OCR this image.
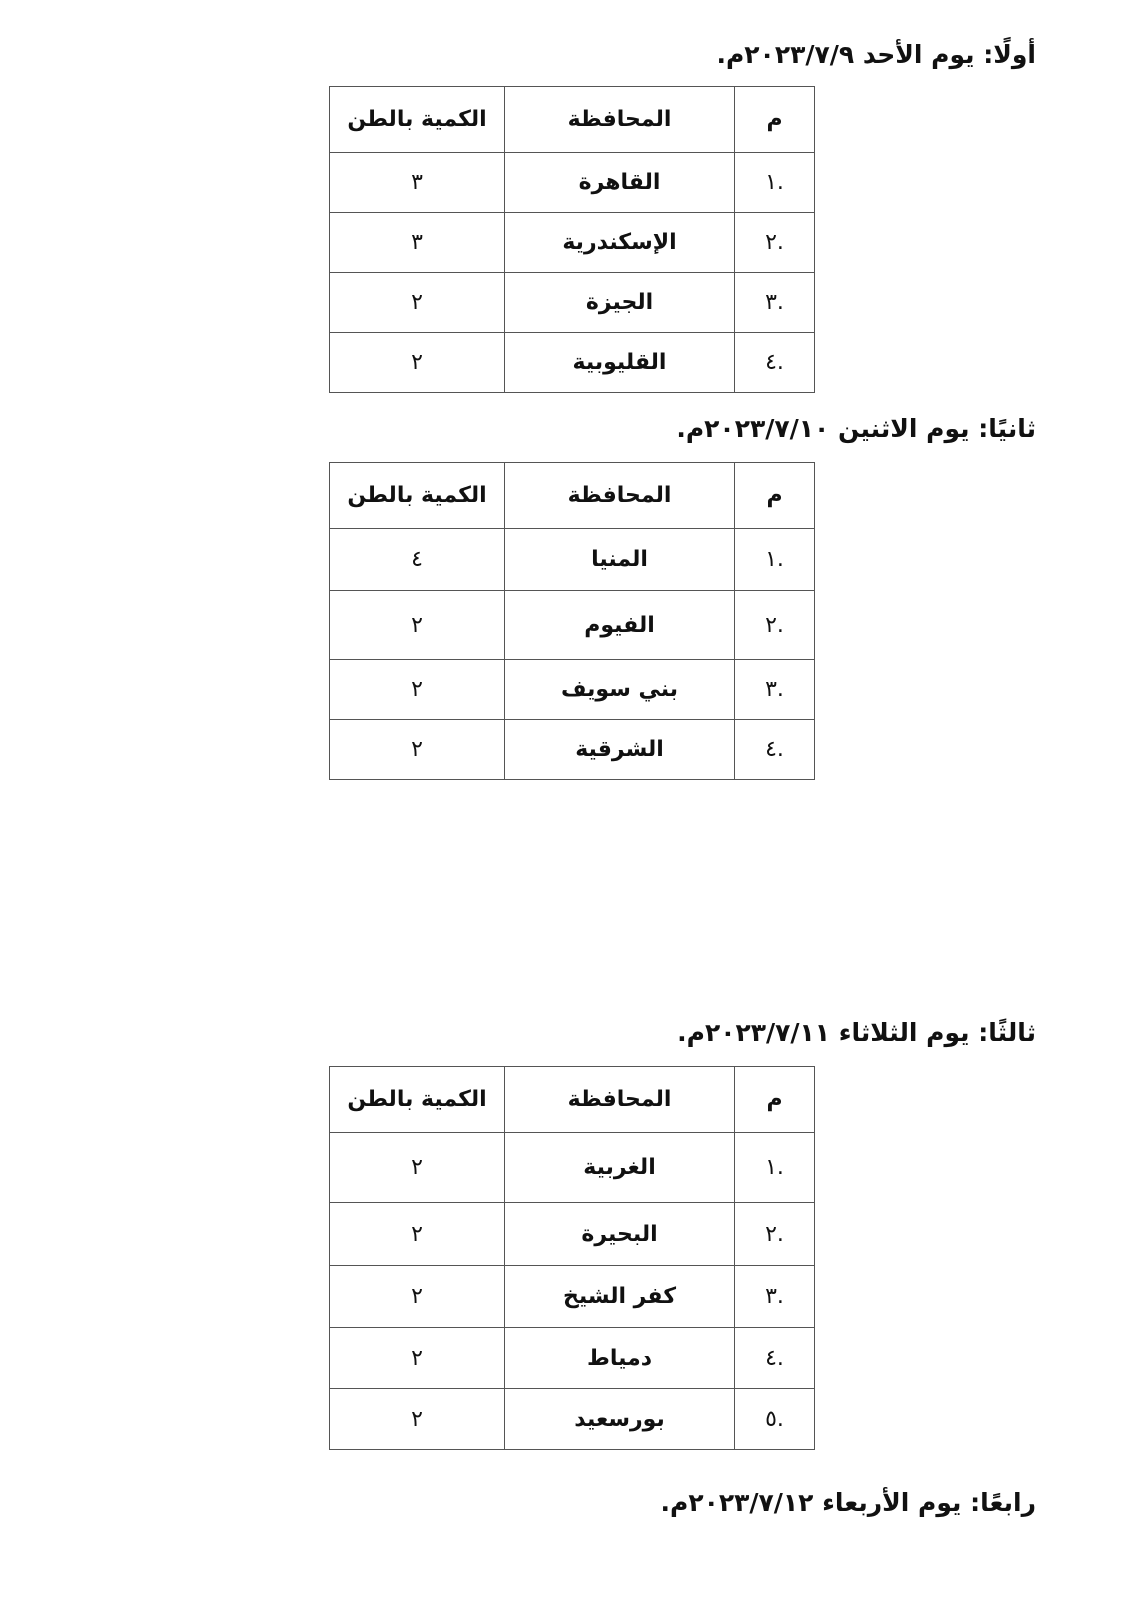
أولًا: يوم الأحد ٢٠٢٣/٧/٩م.
م	المحافظة	الكمية بالطن
.١	القاهرة	٣
.٢	الإسكندرية	٣
.٣	الجيزة	٢
.٤	القليوبية	٢
ثانيًا: يوم الاثنين ٢٠٢٣/٧/١٠م.
م	المحافظة	الكمية بالطن
.١	المنيا	٤
.٢	الفيوم	٢
.٣	بني سويف	٢
.٤	الشرقية	٢
ثالثًا: يوم الثلاثاء ٢٠٢٣/٧/١١م.
م	المحافظة	الكمية بالطن
.١	الغربية	٢
.٢	البحيرة	٢
.٣	كفر الشيخ	٢
.٤	دمياط	٢
.٥	بورسعيد	٢
رابعًا: يوم الأربعاء ٢٠٢٣/٧/١٢م.
